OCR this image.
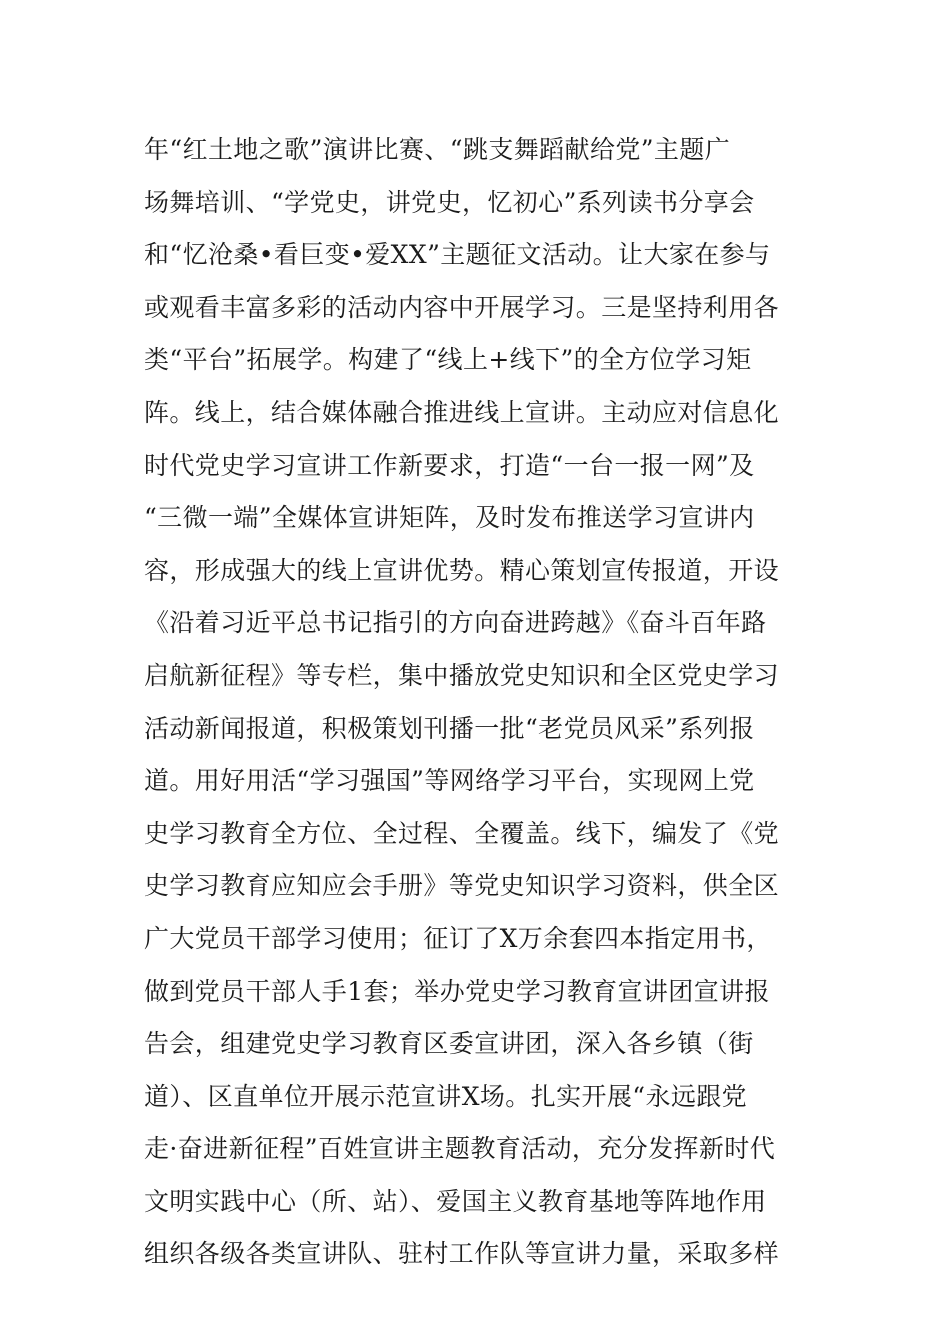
年“红土地之歌”演讲比赛、“跳支舞蹈献给党”主题广
场舞培训、“学党史，讲党史，忆初心”系列读书分享会
和“忆沧桑•看巨变•爱XX”主题征文活动。让大家在参与
或观看丰富多彩的活动内容中开展学习。三是坚持利用各
类“平台”拓展学。构建了“线上+线下”的全方位学习矩
阵。线上，结合媒体融合推进线上宣讲。主动应对信息化
时代党史学习宣讲工作新要求，打造“一台一报一网”及
“三微一端”全媒体宣讲矩阵，及时发布推送学习宣讲内
容，形成强大的线上宣讲优势。精心策划宣传报道，开设
《沿着习近平总书记指引的方向奋进跨越》《奋斗百年路
启航新征程》等专栏，集中播放党史知识和全区党史学习
活动新闻报道，积极策划刊播一批“老党员风采”系列报
道。用好用活“学习强国”等网络学习平台，实现网上党
史学习教育全方位、全过程、全覆盖。线下，编发了《党
史学习教育应知应会手册》等党史知识学习资料，供全区
广大党员干部学习使用；征订了X万余套四本指定用书，
做到党员干部人手1套；举办党史学习教育宣讲团宣讲报
告会，组建党史学习教育区委宣讲团，深入各乡镇（街
道）、区直单位开展示范宣讲X场。扎实开展“永远跟党
走·奋进新征程”百姓宣讲主题教育活动，充分发挥新时代
文明实践中心（所、站）、爱国主义教育基地等阵地作用
组织各级各类宣讲队、驻村工作队等宣讲力量，采取多样
